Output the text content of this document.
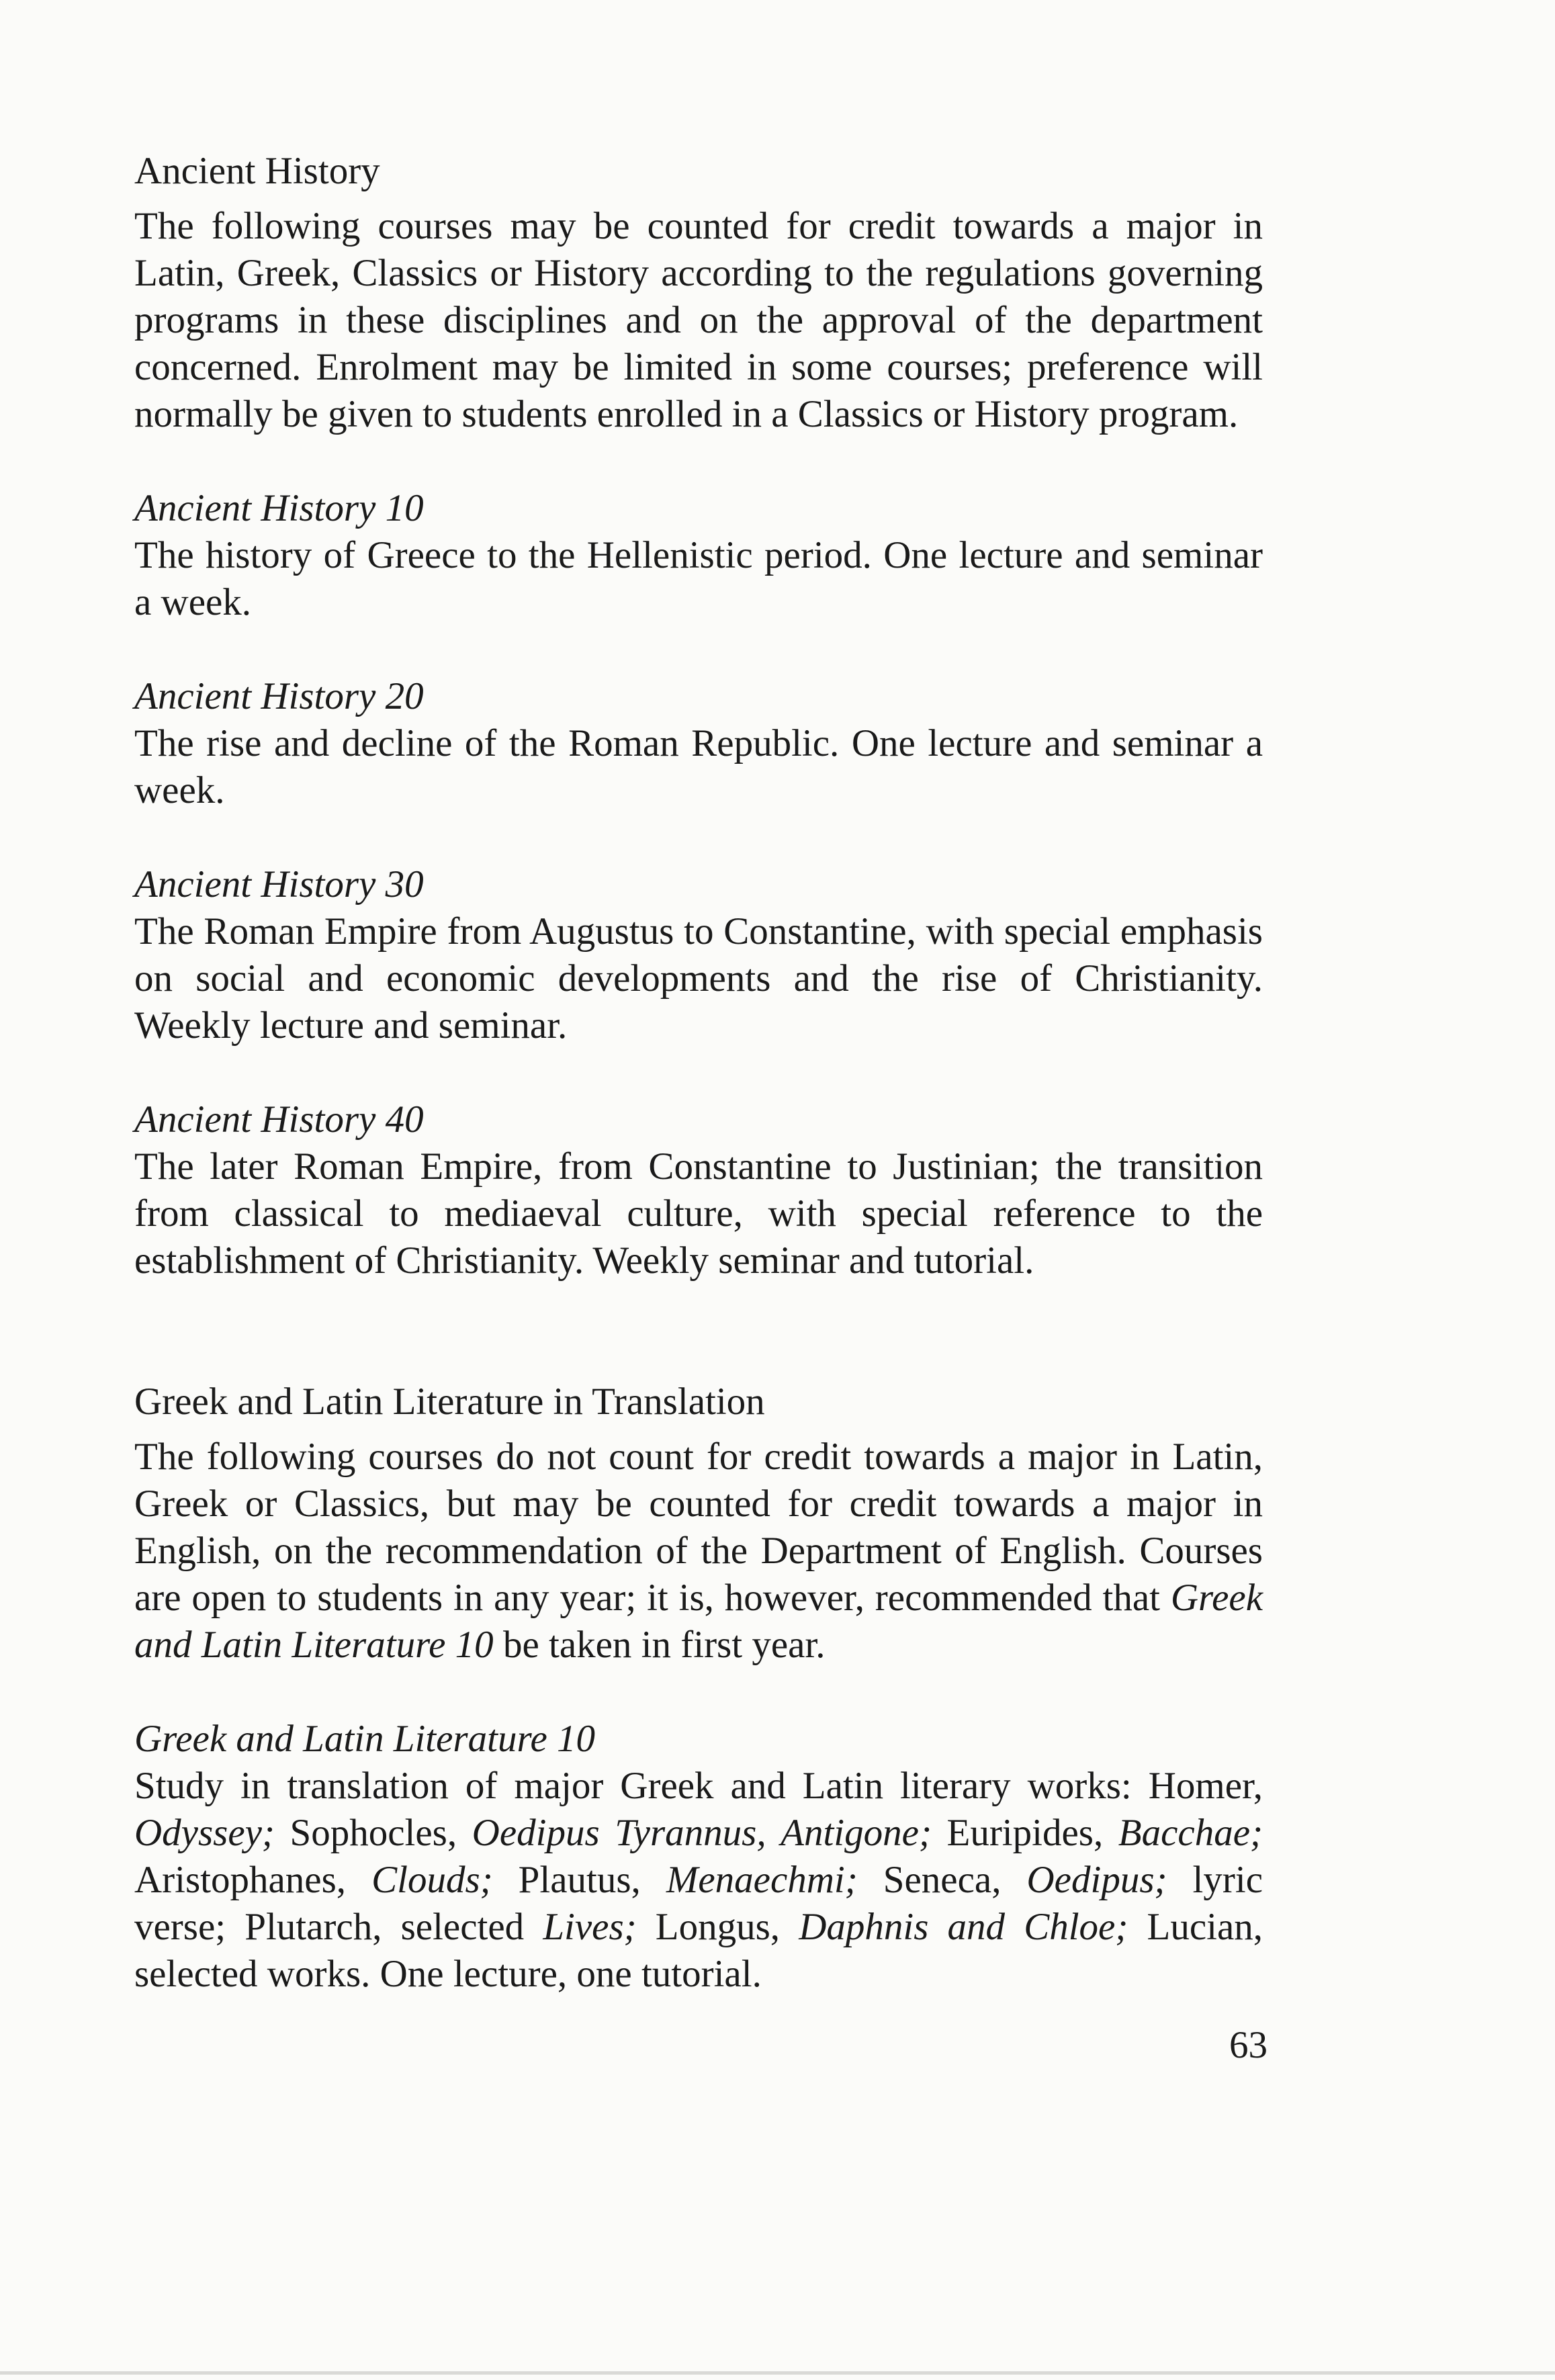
Ancient History

The following courses may be counted for credit towards a major in Latin, Greek, Classics or History according to the regulations governing programs in these disciplines and on the approval of the department concerned. Enrolment may be limited in some courses; preference will normally be given to students enrolled in a Classics or History program.

Ancient History 10

The history of Greece to the Hellenistic period. One lecture and seminar a week.

Ancient History 20

The rise and decline of the Roman Republic. One lecture and seminar a week.

Ancient History 30

The Roman Empire from Augustus to Constantine, with special emphasis on social and economic developments and the rise of Christianity. Weekly lecture and seminar.

Ancient History 40

The later Roman Empire, from Constantine to Justinian; the transition from classical to mediaeval culture, with special reference to the establishment of Christianity. Weekly seminar and tutorial.

Greek and Latin Literature in Translation

The following courses do not count for credit towards a major in Latin, Greek or Classics, but may be counted for credit towards a major in English, on the recommendation of the Department of English. Courses are open to students in any year; it is, however, recommended that Greek and Latin Literature 10 be taken in first year.

Greek and Latin Literature 10

Study in translation of major Greek and Latin literary works: Homer, Odyssey; Sophocles, Oedipus Tyrannus, Antigone; Euripides, Bacchae; Aristophanes, Clouds; Plautus, Menaechmi; Seneca, Oedipus; lyric verse; Plutarch, selected Lives; Longus, Daphnis and Chloe; Lucian, selected works. One lecture, one tutorial.

63
